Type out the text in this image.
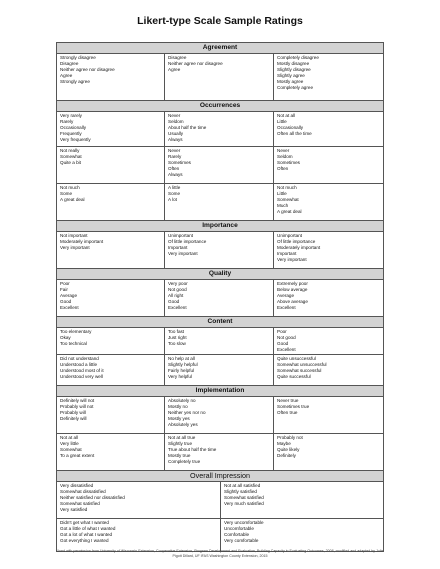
Likert-type Scale Sample Ratings
Agreement
Strongly disagree
Disagree
Neither agree nor disagree
Agree
Strongly agree
Disagree
Neither agree nor disagree
Agree
Completely disagree
Mostly disagree
Slightly disagree
Slightly agree
Mostly agree
Completely agree
Occurrences
Very rarely
Rarely
Occasionally
Frequently
Very frequently
Never
Seldom
About half the time
Usually
Always
Not at all
Little
Occasionally
Often all the time
Not really
Somewhat
Quite a bit
Never
Rarely
Sometimes
Often
Always
Never
Seldom
Sometimes
Often
Not much
Some
A great deal
A little
Some
A lot
Not much
Little
Somewhat
Much
A great deal
Importance
Not important
Moderately important
Very important
Unimportant
Of little importance
Important
Very important
Unimportant
Of little importance
Moderately important
Important
Very important
Quality
Poor
Fair
Average
Good
Excellent
Very poor
Not good
All right
Good
Excellent
Extremely poor
Below average
Average
Above average
Excellent
Content
Too elementary
Okay
Too technical
Too fast
Just right
Too slow
Poor
Not good
Good
Excellent
Did not understand
Understood a little
Understood most of it
Understood very well
No help at all
Slightly helpful
Fairly helpful
Very helpful
Quite unsuccessful
Somewhat unsuccessful
Somewhat successful
Quite successful
Implementation
Definitely will not
Probably will not
Probably will
Definitely will
Absolutely no
Mostly no
Neither yes nor no
Mostly yes
Absolutely yes
Never true
Sometimes true
Often true
Not at all
Very little
Somewhat
To a great extent
Not at all true
Slightly true
True about half the time
Mostly true
Completely true
Probably not
Maybe
Quite likely
Definitely
Overall Impression
Very dissatisfied
Somewhat dissatisfied
Neither satisfied nor dissatisfied
Somewhat satisfied
Very satisfied
Not at all satisfied
Slightly satisfied
Somewhat satisfied
Very much satisfied
Didn't get what I wanted
Got a little of what I wanted
Got a lot of what I wanted
Got everything I wanted
Very uncomfortable
Uncomfortable
Comfortable
Very comfortable
Used with permission from University of Wisconsin-Extension, Cooperative Extension, Program Development and Evaluation, Building Capacity in Evaluating Outcomes, 2008, modified and adapted by Julie Pigott Dillard, UF IFAS Washington County Extension, 2015
